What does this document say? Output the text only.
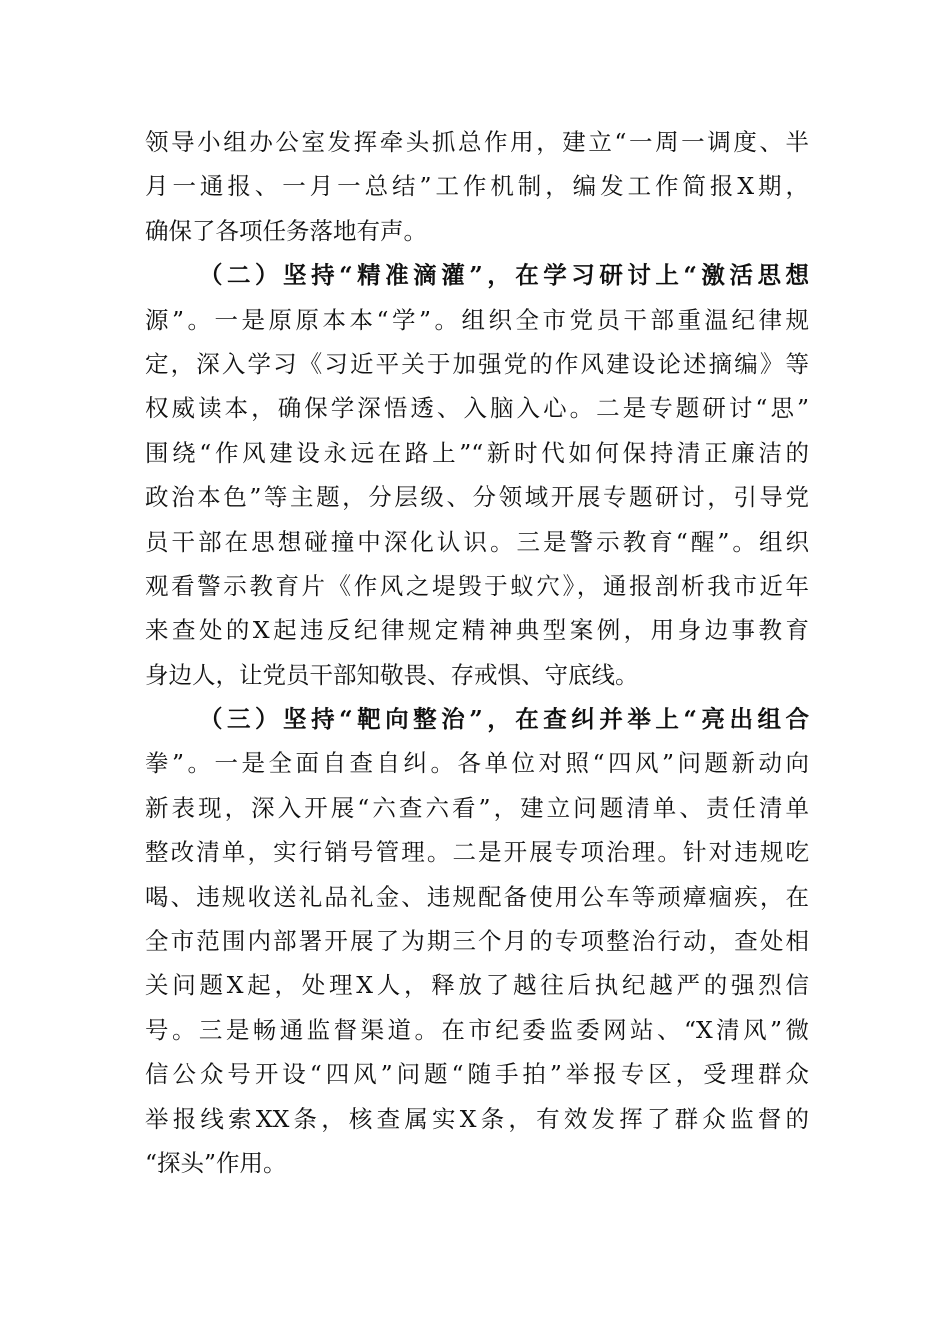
领导小组办公室发挥牵头抓总作用，建立“一周一调度、半
月一通报、一月一总结”工作机制，编发工作简报X期，
确保了各项任务落地有声。
（二）坚持“精准滴灌”，在学习研讨上“激活思想
源”。一是原原本本“学”。组织全市党员干部重温纪律规
定，深入学习《习近平关于加强党的作风建设论述摘编》等
权威读本，确保学深悟透、入脑入心。二是专题研讨“思”
围绕“作风建设永远在路上”“新时代如何保持清正廉洁的
政治本色”等主题，分层级、分领域开展专题研讨，引导党
员干部在思想碰撞中深化认识。三是警示教育“醒”。组织
观看警示教育片《作风之堤毁于蚁穴》，通报剖析我市近年
来查处的X起违反纪律规定精神典型案例，用身边事教育
身边人，让党员干部知敬畏、存戒惧、守底线。
（三）坚持“靶向整治”，在查纠并举上“亮出组合
拳”。一是全面自查自纠。各单位对照“四风”问题新动向
新表现，深入开展“六查六看”，建立问题清单、责任清单
整改清单，实行销号管理。二是开展专项治理。针对违规吃
喝、违规收送礼品礼金、违规配备使用公车等顽瘴痼疾，在
全市范围内部署开展了为期三个月的专项整治行动，查处相
关问题X起，处理X人，释放了越往后执纪越严的强烈信
号。三是畅通监督渠道。在市纪委监委网站、“X清风”微
信公众号开设“四风”问题“随手拍”举报专区，受理群众
举报线索XX条，核查属实X条，有效发挥了群众监督的
“探头”作用。
